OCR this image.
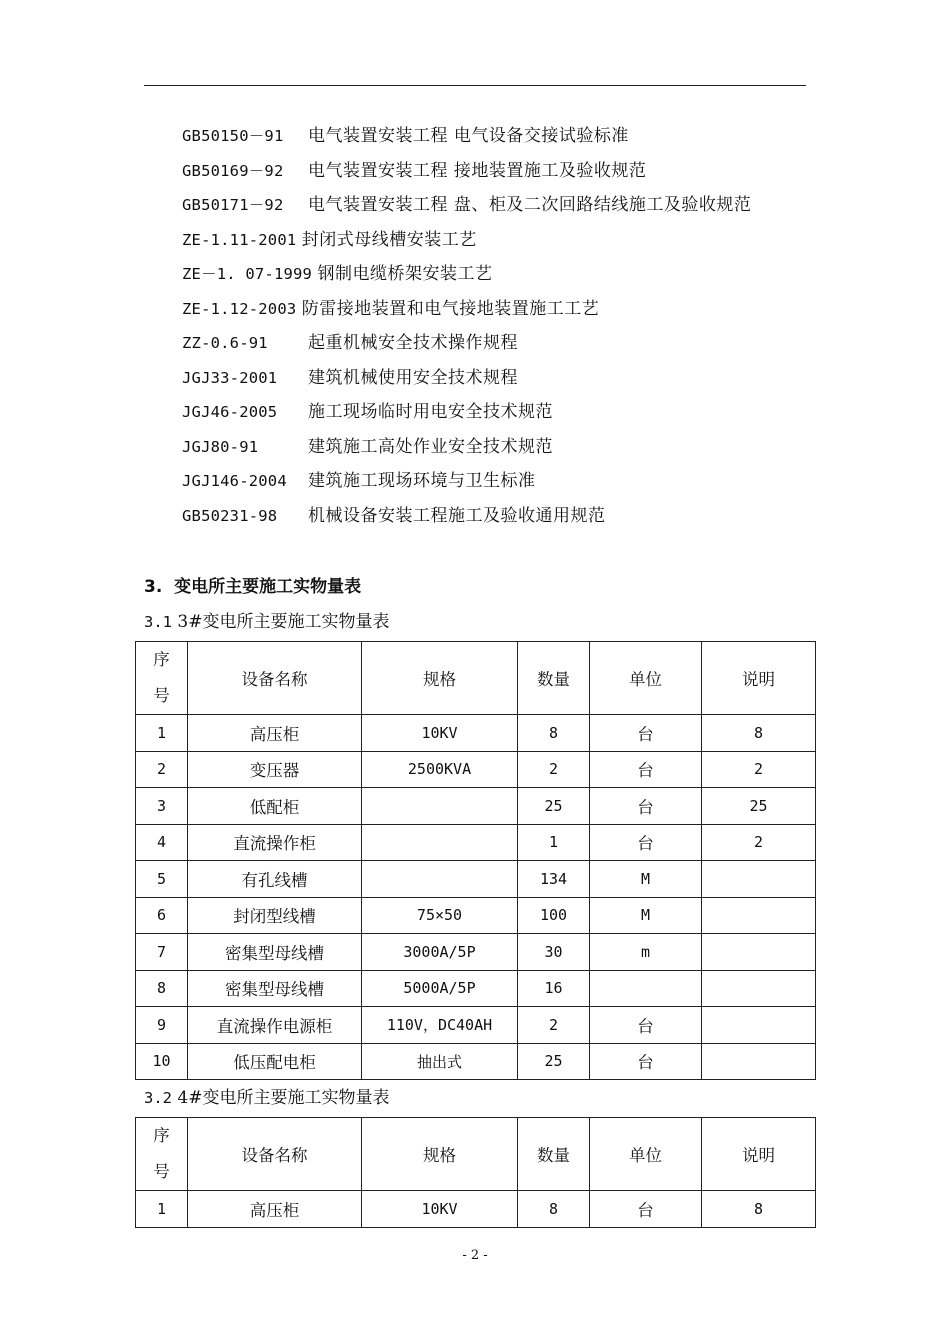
GB50150－91 电气装置安装工程 电气设备交接试验标准
GB50169－92 电气装置安装工程 接地装置施工及验收规范
GB50171－92 电气装置安装工程 盘、柜及二次回路结线施工及验收规范
ZE-1.11-2001 封闭式母线槽安装工艺
ZE－1. 07-1999 钢制电缆桥架安装工艺
ZE-1.12-2003 防雷接地装置和电气接地装置施工工艺
ZZ-0.6-91 起重机械安全技术操作规程
JGJ33-2001 建筑机械使用安全技术规程
JGJ46-2005 施工现场临时用电安全技术规范
JGJ80-91	建筑施工高处作业安全技术规范
JGJ146-2004 建筑施工现场环境与卫生标准
GB50231-98 机械设备安装工程施工及验收通用规范
3. 变电所主要施工实物量表
3.1 3#变电所主要施工实物量表
序
号	设备名称	规格	数量	单位	说明
1	高压柜	10KV	8	台	8
2	变压器	2500KVA	2	台	2
3	低配柜		25	台	25
4	直流操作柜		1	台	2
5	有孔线槽		134	M	
6	封闭型线槽	75×50	100	M	
7	密集型母线槽	3000A/5P	30	m	
8	密集型母线槽	5000A/5P	16		
9	直流操作电源柜	110V，DC40AH	2	台	
10	低压配电柜	抽出式	25	台	
3.2 4#变电所主要施工实物量表
序
号	设备名称	规格	数量	单位	说明
1	高压柜	10KV	8	台	8
- 2 -
